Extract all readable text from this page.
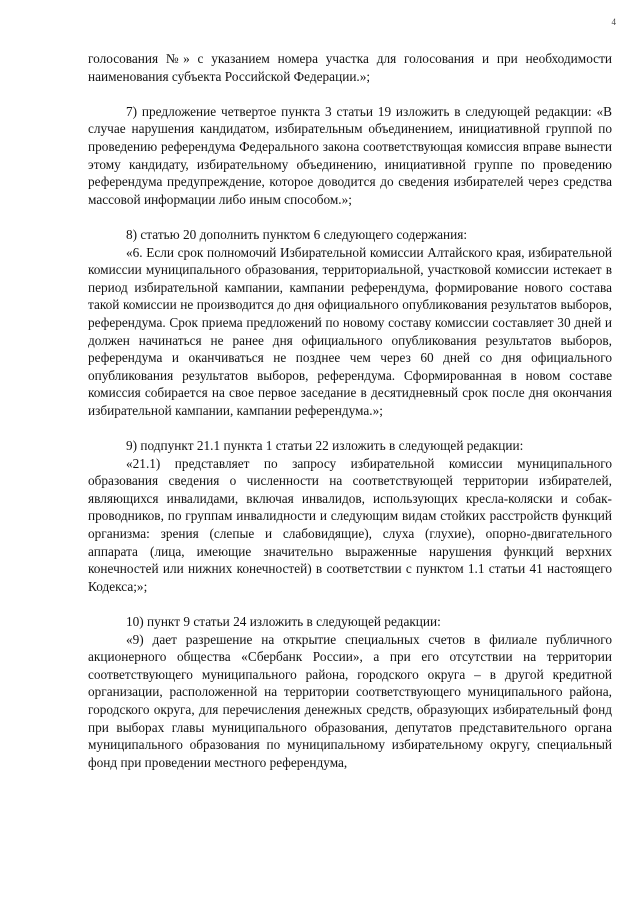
4

голосования №» с указанием номера участка для голосования и при необходимости наименования субъекта Российской Федерации.»;

7) предложение четвертое пункта 3 статьи 19 изложить в следующей редакции: «В случае нарушения кандидатом, избирательным объединением, инициативной группой по проведению референдума Федерального закона соответствующая комиссия вправе вынести этому кандидату, избирательному объединению, инициативной группе по проведению референдума предупреждение, которое доводится до сведения избирателей через средства массовой информации либо иным способом.»;

8) статью 20 дополнить пунктом 6 следующего содержания:

«6. Если срок полномочий Избирательной комиссии Алтайского края, избирательной комиссии муниципального образования, территориальной, участковой комиссии истекает в период избирательной кампании, кампании референдума, формирование нового состава такой комиссии не производится до дня официального опубликования результатов выборов, референдума. Срок приема предложений по новому составу комиссии составляет 30 дней и должен начинаться не ранее дня официального опубликования результатов выборов, референдума и оканчиваться не позднее чем через 60 дней со дня официального опубликования результатов выборов, референдума. Сформированная в новом составе комиссия собирается на свое первое заседание в десятидневный срок после дня окончания избирательной кампании, кампании референдума.»;

9) подпункт 21.1 пункта 1 статьи 22 изложить в следующей редакции:

«21.1) представляет по запросу избирательной комиссии муниципального образования сведения о численности на соответствующей территории избирателей, являющихся инвалидами, включая инвалидов, использующих кресла-коляски и собак-проводников, по группам инвалидности и следующим видам стойких расстройств функций организма: зрения (слепые и слабовидящие), слуха (глухие), опорно-двигательного аппарата (лица, имеющие значительно выраженные нарушения функций верхних конечностей или нижних конечностей) в соответствии с пунктом 1.1 статьи 41 настоящего Кодекса;»;

10) пункт 9 статьи 24 изложить в следующей редакции:

«9) дает разрешение на открытие специальных счетов в филиале публичного акционерного общества «Сбербанк России», а при его отсутствии на территории соответствующего муниципального района, городского округа – в другой кредитной организации, расположенной на территории соответствующего муниципального района, городского округа, для перечисления денежных средств, образующих избирательный фонд при выборах главы муниципального образования, депутатов представительного органа муниципального образования по муниципальному избирательному округу, специальный фонд при проведении местного референдума,
